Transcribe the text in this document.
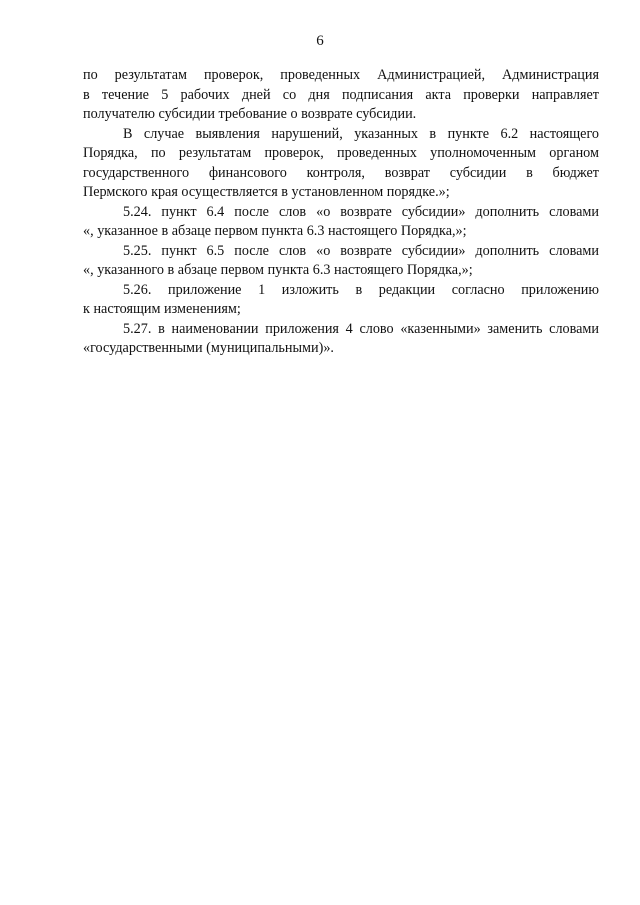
6
по результатам проверок, проведенных Администрацией, Администрация
в течение 5 рабочих дней со дня подписания акта проверки направляет
получателю субсидии требование о возврате субсидии.
В случае выявления нарушений, указанных в пункте 6.2 настоящего
Порядка, по результатам проверок, проведенных уполномоченным органом
государственного финансового контроля, возврат субсидии в бюджет
Пермского края осуществляется в установленном порядке.»;
5.24. пункт 6.4 после слов «о возврате субсидии» дополнить словами
«, указанное в абзаце первом пункта 6.3 настоящего Порядка,»;
5.25. пункт 6.5 после слов «о возврате субсидии» дополнить словами
«, указанного в абзаце первом пункта 6.3 настоящего Порядка,»;
5.26. приложение 1 изложить в редакции согласно приложению
к настоящим изменениям;
5.27. в наименовании приложения 4 слово «казенными» заменить словами
«государственными (муниципальными)».
